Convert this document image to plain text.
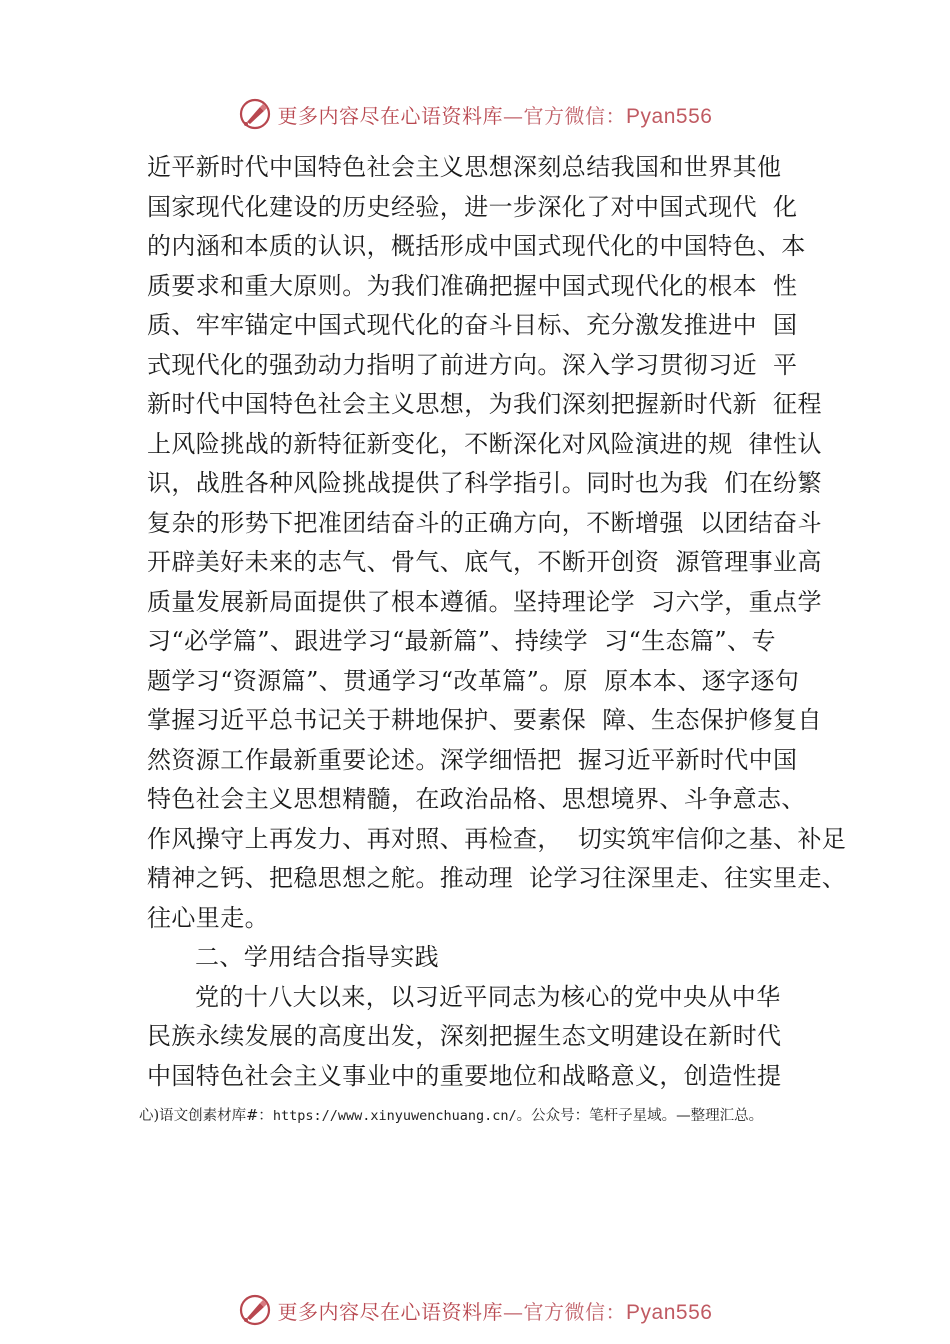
更多内容尽在心语资料库—官方微信：Pyan556
近平新时代中国特色社会主义思想深刻总结我国和世界其他
国家现代化建设的历史经验，进一步深化了对中国式现代  化
的内涵和本质的认识，概括形成中国式现代化的中国特色、本
质要求和重大原则。为我们准确把握中国式现代化的根本  性
质、牢牢锚定中国式现代化的奋斗目标、充分激发推进中  国
式现代化的强劲动力指明了前进方向。深入学习贯彻习近  平
新时代中国特色社会主义思想，为我们深刻把握新时代新  征程
上风险挑战的新特征新变化，不断深化对风险演进的规  律性认
识，战胜各种风险挑战提供了科学指引。同时也为我  们在纷繁
复杂的形势下把准团结奋斗的正确方向，不断增强  以团结奋斗
开辟美好未来的志气、骨气、底气，不断开创资  源管理事业高
质量发展新局面提供了根本遵循。坚持理论学  习六学，重点学
习“必学篇”、跟进学习“最新篇”、持续学  习“生态篇”、专
题学习“资源篇”、贯通学习“改革篇”。原  原本本、逐字逐句
掌握习近平总书记关于耕地保护、要素保  障、生态保护修复自
然资源工作最新重要论述。深学细悟把  握习近平新时代中国
特色社会主义思想精髓，在政治品格、思想境界、斗争意志、
作风操守上再发力、再对照、再检查，  切实筑牢信仰之基、补足
精神之钙、把稳思想之舵。推动理  论学习往深里走、往实里走、
往心里走。
二、学用结合指导实践
党的十八大以来，以习近平同志为核心的党中央从中华
民族永续发展的高度出发，深刻把握生态文明建设在新时代
中国特色社会主义事业中的重要地位和战略意义，创造性提
心)语文创素材库#：https://www.xinyuwenchuang.cn/。公众号：笔杆子星域。—整理汇总。
更多内容尽在心语资料库—官方微信：Pyan556
